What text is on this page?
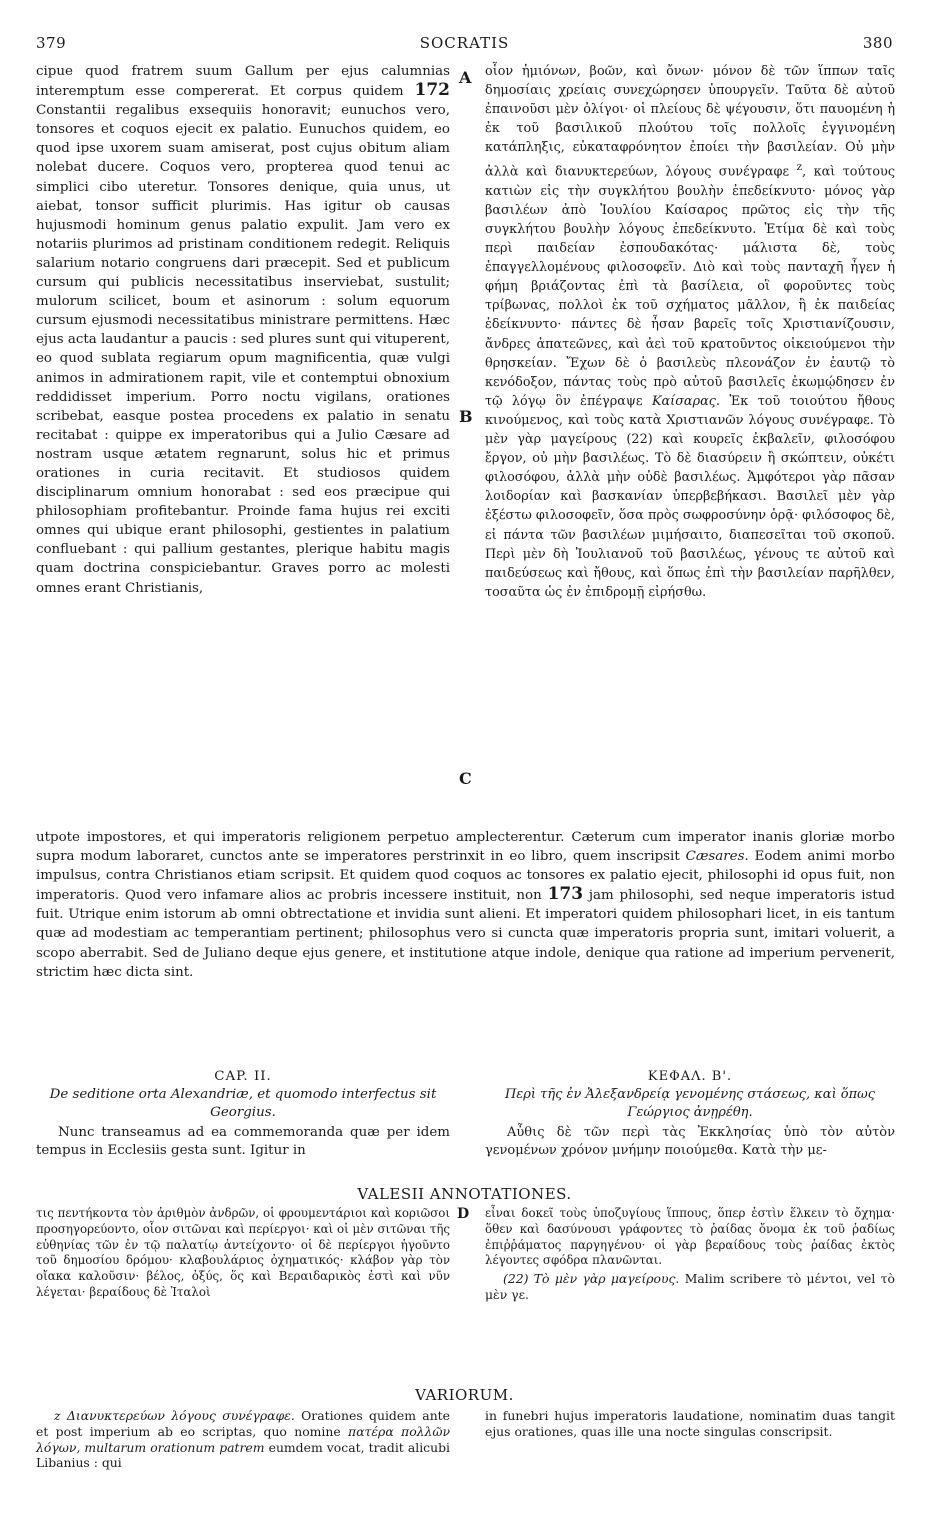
379	SOCRATIS	380

cipue quod fratrem suum Gallum per ejus calumnias interemptum esse compererat. Et corpus quidem 172 Constantii regalibus exsequiis honoravit; eunuchos vero, tonsores et coquos ejecit ex palatio. Eunuchos quidem, eo quod ipse uxorem suam amiserat, post cujus obitum aliam nolebat ducere. Coquos vero, propterea quod tenui ac simplici cibo uteretur. Tonsores denique, quia unus, ut aiebat, tonsor sufficit plurimis. Has igitur ob causas hujusmodi hominum genus palatio expulit. Jam vero ex notariis plurimos ad pristinam conditionem redegit. Reliquis salarium notario congruens dari præcepit. Sed et publicum cursum qui publicis necessitatibus inserviebat, sustulit; mulorum scilicet, boum et asinorum : solum equorum cursum ejusmodi necessitatibus ministrare permittens. Hæc ejus acta laudantur a paucis : sed plures sunt qui vituperent, eo quod sublata regiarum opum magnificentia, quæ vulgi animos in admirationem rapit, vile et contemptui obnoxium reddidisset imperium. Porro noctu vigilans, orationes scribebat, easque postea procedens ex palatio in senatu recitabat : quippe ex imperatoribus qui a Julio Cæsare ad nostram usque ætatem regnarunt, solus hic et primus orationes in curia recitavit. Et studiosos quidem disciplinarum omnium honorabat : sed eos præcipue qui philosophiam profitebantur. Proinde fama hujus rei exciti omnes qui ubique erant philosophi, gestientes in palatium confluebant : qui pallium gestantes, plerique habitu magis quam doctrina conspiciebantur. Graves porro ac molesti omnes erant Christianis,

A
B
C

οἷον ἡμιόνων, βοῶν, καὶ ὄνων· μόνον δὲ τῶν ἵππων ταῖς δημοσίαις χρείαις συνεχώρησεν ὑπουργεῖν. Ταῦτα δὲ αὐτοῦ ἐπαινοῦσι μὲν ὀλίγοι· οἱ πλείους δὲ ψέγουσιν, ὅτι παυομένη ἡ ἐκ τοῦ βασιλικοῦ πλούτου τοῖς πολλοῖς ἐγγινομένη κατάπληξις, εὐκαταφρόνητον ἐποίει τὴν βασιλείαν. Οὐ μὴν ἀλλὰ καὶ διανυκτερεύων, λόγους συνέγραφε $^z$, καὶ τούτους κατιὼν εἰς τὴν συγκλήτου βουλὴν ἐπεδείκνυτο· μόνος γὰρ βασιλέων ἀπὸ Ἰουλίου Καίσαρος πρῶτος εἰς τὴν τῆς συγκλήτου βουλὴν λόγους ἐπεδείκνυτο. Ἐτίμα δὲ καὶ τοὺς περὶ παιδείαν ἐσπουδακότας· μάλιστα δὲ, τοὺς ἐπαγγελλομένους φιλοσοφεῖν. Διὸ καὶ τοὺς πανταχῆ ἦγεν ἡ φήμη βριάζοντας ἐπὶ τὰ βασίλεια, οἳ φοροῦντες τοὺς τρίβωνας, πολλοὶ ἐκ τοῦ σχήματος μᾶλλον, ἢ ἐκ παιδείας ἐδείκνυντο· πάντες δὲ ἦσαν βαρεῖς τοῖς Χριστιανίζουσιν, ἄνδρες ἀπατεῶνες, καὶ ἀεὶ τοῦ κρατοῦντος οἰκειούμενοι τὴν θρησκείαν. Ἔχων δὲ ὁ βασιλεὺς πλεονάζον ἐν ἑαυτῷ τὸ κενόδοξον, πάντας τοὺς πρὸ αὐτοῦ βασιλεῖς ἐκωμῴδησεν ἐν τῷ λόγῳ ὃν ἐπέγραψε Καίσαρας. Ἐκ τοῦ τοιούτου ἤθους κινούμενος, καὶ τοὺς κατὰ Χριστιανῶν λόγους συνέγραφε. Τὸ μὲν γὰρ μαγείρους (22) καὶ κουρεῖς ἐκβαλεῖν, φιλοσόφου ἔργον, οὐ μὴν βασιλέως. Τὸ δὲ διασύρειν ἢ σκώπτειν, οὐκέτι φιλοσόφου, ἀλλὰ μὴν οὐδὲ βασιλέως. Ἀμφότεροι γὰρ πᾶσαν λοιδορίαν καὶ βασκανίαν ὑπερβεβήκασι. Βασιλεῖ μὲν γὰρ ἐξέστω φιλοσοφεῖν, ὅσα πρὸς σωφροσύνην ὁρᾷ· φιλόσοφος δὲ, εἰ πάντα τῶν βασιλέων μιμήσαιτο, διαπεσεῖται τοῦ σκοποῦ. Περὶ μὲν δὴ Ἰουλιανοῦ τοῦ βασιλέως, γένους τε αὐτοῦ καὶ παιδεύσεως καὶ ἤθους, καὶ ὅπως ἐπὶ τὴν βασιλείαν παρῆλθεν, τοσαῦτα ὡς ἐν ἐπιδρομῇ εἰρήσθω.

utpote impostores, et qui imperatoris religionem perpetuo amplecterentur. Cæterum cum imperator inanis gloriæ morbo supra modum laboraret, cunctos ante se imperatores perstrinxit in eo libro, quem inscripsit Cæsares. Eodem animi morbo impulsus, contra Christianos etiam scripsit. Et quidem quod coquos ac tonsores ex palatio ejecit, philosophi id opus fuit, non imperatoris. Quod vero infamare alios ac probris incessere instituit, non 173 jam philosophi, sed neque imperatoris istud fuit. Utrique enim istorum ab omni obtrectatione et invidia sunt alieni. Et imperatori quidem philosophari licet, in eis tantum quæ ad modestiam ac temperantiam pertinent; philosophus vero si cuncta quæ imperatoris propria sunt, imitari voluerit, a scopo aberrabit. Sed de Juliano deque ejus genere, et institutione atque indole, denique qua ratione ad imperium pervenerit, strictim hæc dicta sint.

CAP. II.
De seditione orta Alexandriæ, et quomodo interfectus sit Georgius.
Nunc transeamus ad ea commemoranda quæ per idem tempus in Ecclesiis gesta sunt. Igitur in
ΚΕΦΑΛ. Β'.
Περὶ τῆς ἐν Ἀλεξανδρείᾳ γενομένης στάσεως, καὶ ὅπως Γεώργιος ἀνῃρέθη.
Αὖθις δὲ τῶν περὶ τὰς Ἐκκλησίας ὑπὸ τὸν αὐτὸν γενομένων χρόνον μνήμην ποιούμεθα. Κατὰ τὴν με-
VALESII ANNOTATIONES.
τις πεντήκοντα τὸν ἀριθμὸν ἀνδρῶν, οἱ φρουμεντάριοι καὶ κοριῶσοι προσηγορεύοντο, οἷον σιτῶναι καὶ περίεργοι· καὶ οἱ μὲν σιτῶναι τῆς εὐθηνίας τῶν ἐν τῷ παλατίῳ ἀντείχοντο· οἱ δὲ περίεργοι ἡγοῦντο τοῦ δημοσίου δρόμου· κλαβουλάριος ὀχηματικός· κλάβον γὰρ τὸν οἴακα καλοῦσιν· βέλος, ὀξύς, ὅς καὶ Βεραιδαρικὸς ἐστὶ καὶ νῦν λέγεται· βεραίδους δὲ Ἰταλοὶ
D εἶναι δοκεῖ τοὺς ὑποζυγίους ἵππους, ὅπερ ἐστὶν ἕλκειν τὸ ὄχημα· ὅθεν καὶ δασύνουσι γράφοντες τὸ ῥαίδας ὄνομα ἐκ τοῦ ῥαδίως ἐπιῤῥάματος παργηγένου· οἱ γὰρ βεραίδους τοὺς ῥαίδας ἐκτὸς λέγοντες σφόδρα πλανῶνται.
(22) Τὸ μὲν γὰρ μαγείρους. Malim scribere τὸ μέντοι, vel τὸ μὲν γε.
VARIORUM.

z Διανυκτερεύων λόγους συνέγραφε. Orationes quidem ante et post imperium ab eo scriptas, quo nomine πατέρα πολλῶν λόγων, multarum orationum patrem eumdem vocat, tradit alicubi Libanius : qui

in funebri hujus imperatoris laudatione, nominatim duas tangit ejus orationes, quas ille una nocte singulas conscripsit.
